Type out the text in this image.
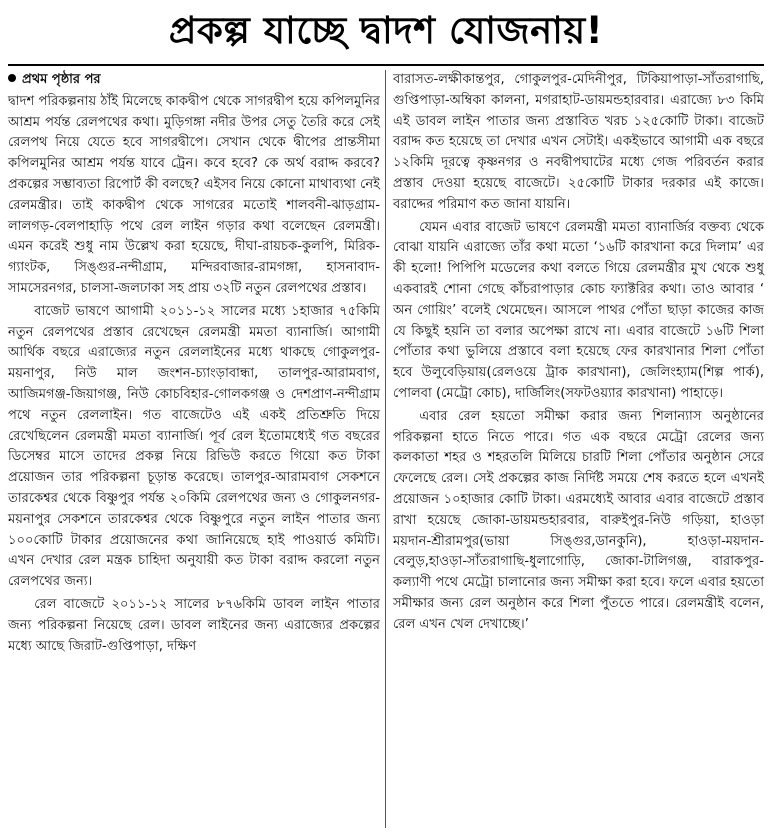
প্রকল্প যাচ্ছে দ্বাদশ যোজনায়!
প্রথম পৃষ্ঠার পর

দ্বাদশ পরিকল্পনায় ঠাঁই মিলেছে কাকদ্বীপ থেকে সাগরদ্বীপ হয়ে কপিলমুনির আশ্রম পর্যন্ত রেলপথের কথা। মুড়িগঙ্গা নদীর উপর সেতু তৈরি করে সেই রেলপথ নিয়ে যেতে হবে সাগরদ্বীপে। সেখান থেকে দ্বীপের প্রান্তসীমা কপিলমুনির আশ্রম পর্যন্ত যাবে ট্রেন। কবে হবে? কে অর্থ বরাদ্দ করবে? প্রকল্পের সম্ভাব্যতা রিপোর্ট কী বলছে? এইসব নিয়ে কোনো মাথাব্যথা নেই রেলমন্ত্রীর। তাই কাকদ্বীপ থেকে সাগরের মতোই শালবনী-ঝাড়গ্রাম-লালগড়-বেলপাহাড়ি পথে রেল লাইন গড়ার কথা বলেছেন রেলমন্ত্রী। এমন করেই শুধু নাম উল্লেখ করা হয়েছে, দীঘা-রায়চক-কুলপি, মিরিক-গ্যাংটক, সিঙ্গুর-নন্দীগ্রাম, মন্দিরবাজার-রামগঙ্গা, হাসনাবাদ-সামসেরনগর, চালসা-জলঢাকা সহ প্রায় ৩২টি নতুন রেলপথের প্রস্তাব।

বাজেট ভাষণে আগামী ২০১১-১২ সালের মধ্যে ১হাজার ৭৫কিমি নতুন রেলপথের প্রস্তাব রেখেছেন রেলমন্ত্রী মমতা ব্যানার্জি। আগামী আর্থিক বছরে এরাজ্যের নতুন রেললাইনের মধ্যে থাকছে গোকুলপুর-ময়নাপুর, নিউ মাল জংশন-চ্যাংড়াবান্ধা, তালপুর-আরামবাগ, আজিমগঞ্জ-জিয়াগঞ্জ, নিউ কোচবিহার-গোলকগঞ্জ ও দেশপ্রাণ-নন্দীগ্রাম পথে নতুন রেললাইন। গত বাজেটেও এই একই প্রতিশ্রুতি দিয়ে রেখেছিলেন রেলমন্ত্রী মমতা ব্যানার্জি। পূর্ব রেল ইতোমধ্যেই গত বছরের ডিসেম্বর মাসে তাদের প্রকল্প নিয়ে রিভিউ করতে গিয়ো কত টাকা প্রয়োজন তার পরিকল্পনা চূড়ান্ত করেছে। তালপুর-আরামবাগ সেকশনে তারকেশ্বর থেকে বিষ্ণুপুর পর্যন্ত ২০কিমি রেলপথের জন্য ও গোকুলনগর-ময়নাপুর সেকশনে তারকেশ্বর থেকে বিষ্ণুপুরে নতুন লাইন পাতার জন্য ১০০কোটি টাকার প্রয়োজনের কথা জানিয়েছে হাই পাওয়ার্ড কমিটি। এখন দেখার রেল মন্ত্রক চাহিদা অনুযায়ী কত টাকা বরাদ্দ করলো নতুন রেলপথের জন্য।

রেল বাজেটে ২০১১-১২ সালের ৮৭৬কিমি ডাবল লাইন পাতার জন্য পরিকল্পনা নিয়েছে রেল। ডাবল লাইনের জন্য এরাজ্যের প্রকল্পের মধ্যে আছে জিরাট-গুপ্তিপাড়া, দক্ষিণ

বারাসত-লক্ষীকান্তপুর, গোকুলপুর-মেদিনীপুর, টিকিয়াপাড়া-সাঁতরাগাছি, গুপ্তিপাড়া-অম্বিকা কালনা, মগরাহাট-ডায়মন্ডহারবার। এরাজ্যে ৮৩ কিমি এই ডাবল লাইন পাতার জন্য প্রস্তাবিত খরচ ১২৫কোটি টাকা। বাজেট বরাদ্দ কত হয়েছে তা দেখার এখন সেটাই। একইভাবে আগামী এক বছরে ১২কিমি দূরত্বে কৃষ্ণনগর ও নবদ্বীপঘাটের মধ্যে গেজ পরিবর্তন করার প্রস্তাব দেওয়া হয়েছে বাজেটে। ২৫কোটি টাকার দরকার এই কাজে। বরাদ্দের পরিমাণ কত জানা যায়নি।

যেমন এবার বাজেট ভাষণে রেলমন্ত্রী মমতা ব্যানার্জির বক্তব্য থেকে বোঝা যায়নি এরাজ্যে তাঁর কথা মতো ‘১৬টি কারখানা করে দিলাম’ এর কী হলো! পিপিপি মডেলের কথা বলতে গিয়ে রেলমন্ত্রীর মুখ থেকে শুধু একবারই শোনা গেছে কাঁচরাপাড়ার কোচ ফ্যাক্টরির কথা। তাও আবার ‘ অন গোয়িং’ বলেই থেমেছেন। আসলে পাথর পোঁতা ছাড়া কাজের কাজ যে কিছুই হয়নি তা বলার অপেক্ষা রাখে না। এবার বাজেটে ১৬টি শিলা পোঁতার কথা ভুলিয়ে প্রস্তাবে বলা হয়েছে ফের কারখানার শিলা পোঁতা হবে উলুবেড়িয়ায়(রেলওয়ে ট্রাক কারখানা), জেলিংহ্যাম(শিল্প পার্ক), পোলবা (মেট্রো কোচ), দার্জিলিং(সফটওয়্যার কারখানা) পাহাড়ে।

এবার রেল হয়তো সমীক্ষা করার জন্য শিলান্যাস অনুষ্ঠানের পরিকল্পনা হাতে নিতে পারে। গত এক বছরে মেট্রো রেলের জন্য কলকাতা শহর ও শহরতলি মিলিয়ে চারটি শিলা পোঁতার অনুষ্ঠান সেরে ফেলেছে রেল। সেই প্রকল্পের কাজ নির্দিষ্ট সময়ে শেষ করতে হলে এখনই প্রয়োজন ১০হাজার কোটি টাকা। এরমধ্যেই আবার এবার বাজেটে প্রস্তাব রাখা হয়েছে জোকা-ডায়মন্ডহারবার, বারুইপুর-নিউ গড়িয়া, হাওড়া ময়দান-শ্রীরামপুর(ভায়া সিঙ্গুর,ডানকুনি), হাওড়া-ময়দান-বেলুড়,হাওড়া-সাঁতরাগাছি-ধুলাগোড়ি, জোকা-টালিগঞ্জ, বারাকপুর-কল্যাণী পথে মেট্রো চালানোর জন্য সমীক্ষা করা হবে। ফলে এবার হয়তো সমীক্ষার জন্য রেল অনুষ্ঠান করে শিলা পুঁততে পারে। রেলমন্ত্রীই বলেন, রেল এখন খেল দেখাচ্ছে।’
